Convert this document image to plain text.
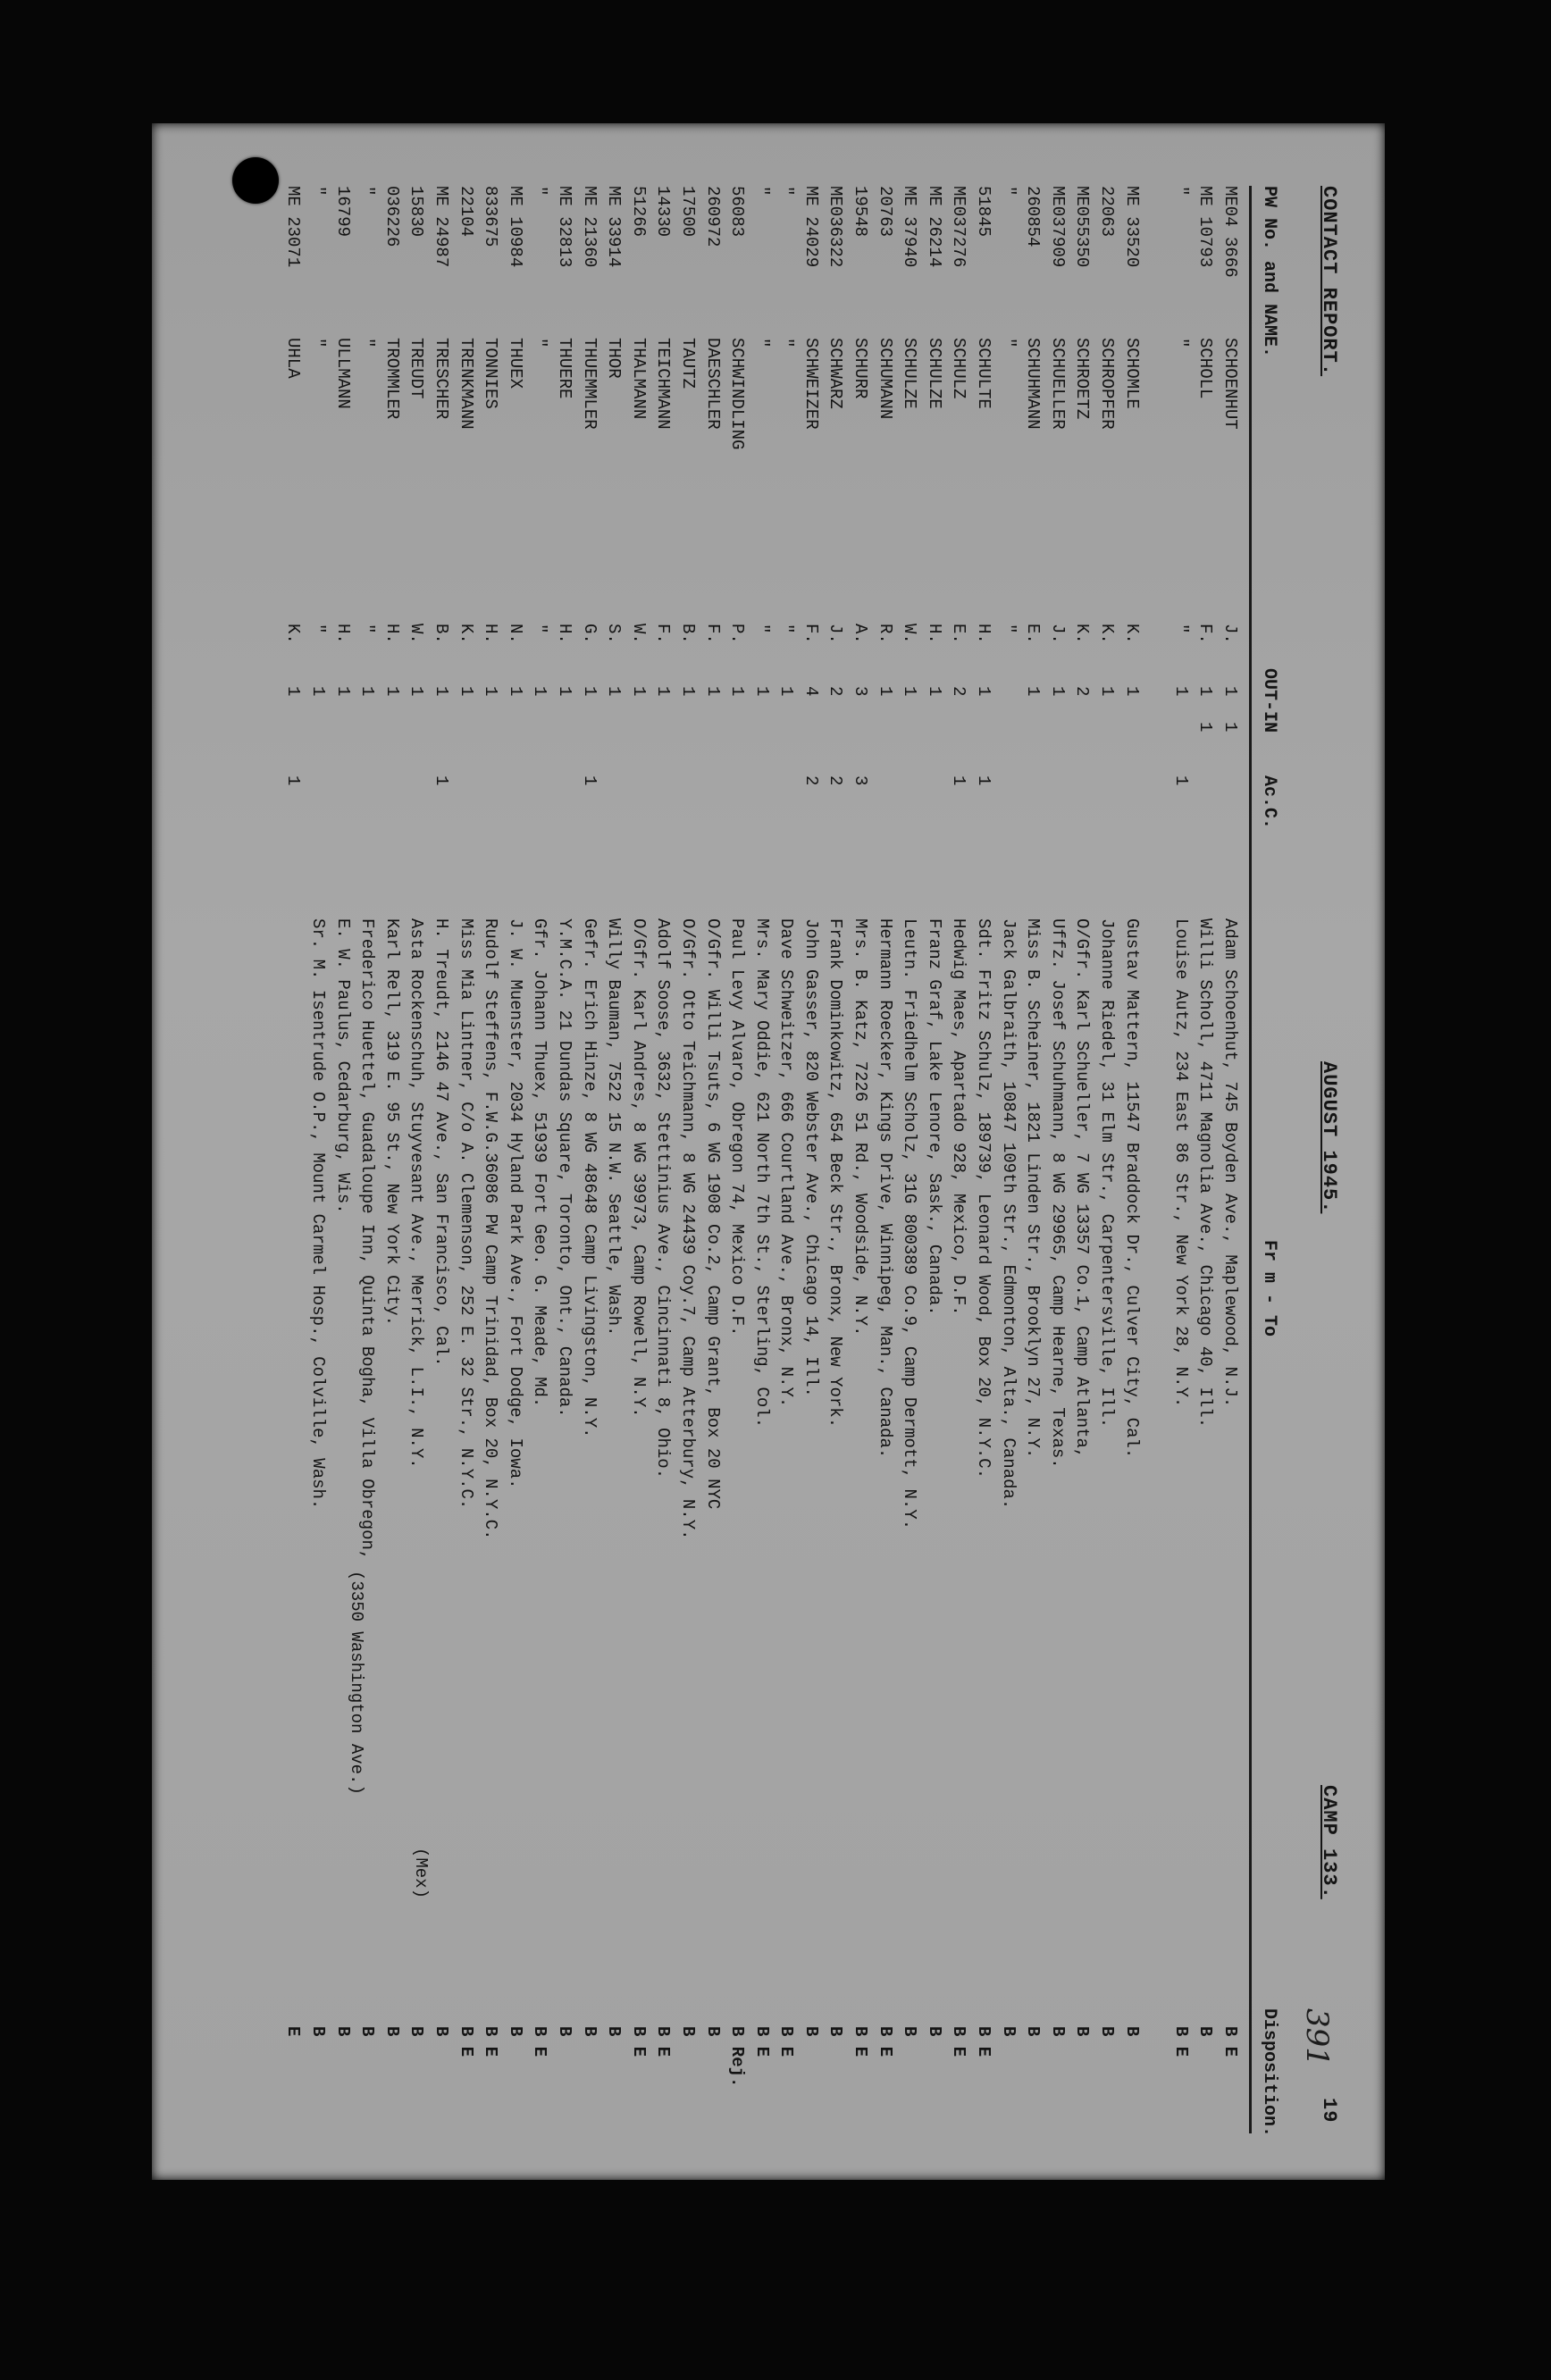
CONTACT REPORT.
AUGUST 1945.
CAMP 133.
19
391
PW No. and NAME.
OUT-IN
Ac.C.
Fr m - To
Disposition.
ME04 3666
SCHOENHUT
J.
1
1
Adam Schoenhut, 745 Boyden Ave., Maplewood, N.J.
B E
ME 10793
SCHOLL
F.
1
1
Willi Scholl, 4711 Magnolia Ave., Chicago 40, Ill.
B
"
"
"
1
1
Louise Autz, 234 East 86 Str., New York 28, N.Y.
B E
ME 33520
SCHOMLE
K.
1
Gustav Mattern, 11547 Braddock Dr., Culver City, Cal.
B
22063
SCHROPFER
K.
1
Johanne Riedel, 31 Elm Str., Carpentersville, Ill.
B
ME055350
SCHROETZ
K.
2
O/Gfr. Karl Schueller, 7 WG 13357 Co.1, Camp Atlanta,
B
ME037909
SCHUELLER
J.
1
Uffz. Josef Schuhmann, 8 WG 29965, Camp Hearne, Texas.
B
260854
SCHUHMANN
E.
1
Miss B. Scheiner, 1821 Linden Str., Brooklyn 27, N.Y.
B
"
"
"
Jack Galbraith, 10847 109th Str., Edmonton, Alta., Canada.
B
51845
SCHULTE
H.
1
1
Sdt. Fritz Schulz, 189739, Leonard Wood, Box 20, N.Y.C.
B E
ME037276
SCHULZ
E.
2
1
Hedwig Maes, Apartado 928, Mexico, D.F.
B E
ME 26214
SCHULZE
H.
1
Franz Graf, Lake Lenore, Sask., Canada.
B
ME 37940
SCHULZE
W.
1
Leutn. Friedhelm Scholz, 31G 800389 Co.9, Camp Dermott, N.Y.
B
20763
SCHUMANN
R.
1
Hermann Roecker, Kings Drive, Winnipeg, Man., Canada.
B E
19548
SCHURR
A.
3
3
Mrs. B. Katz, 7226 51 Rd., Woodside, N.Y.
B E
ME036322
SCHWARZ
J.
2
2
Frank Dominkowitz, 654 Beck Str., Bronx, New York.
B
ME 24029
SCHWEIZER
F.
4
2
John Gasser, 820 Webster Ave., Chicago 14, Ill.
B
"
"
"
1
Dave Schweitzer, 666 Courtland Ave., Bronx, N.Y.
B E
"
"
"
1
Mrs. Mary Oddie, 621 North 7th St., Sterling, Col.
B E
56083
SCHWINDLING
P.
1
Paul Levy Alvaro, Obregon 74, Mexico D.F.
B Rej.
260972
DAESCHLER
F.
1
O/Gfr. Willi Tsuts, 6 WG 1908 Co.2, Camp Grant, Box 20 NYC
B
17500
TAUTZ
B.
1
O/Gfr. Otto Teichmann, 8 WG 24439 Coy.7, Camp Atterbury, N.Y.
B
14330
TEICHMANN
F.
1
Adolf Soose, 3632, Stettinius Ave., Cincinnati 8, Ohio.
B E
51266
THALMANN
W.
1
O/Gfr. Karl Andres, 8 WG 39973, Camp Rowell, N.Y.
B E
ME 33914
THOR
S.
1
Willy Bauman, 7522 15 N.W. Seattle, Wash.
B
ME 21360
THUEMMLER
G.
1
1
Gefr. Erich Hinze, 8 WG 48648 Camp Livingston, N.Y.
B
ME 32813
THUERE
H.
1
Y.M.C.A. 21 Dundas Square, Toronto, Ont., Canada.
B
"
"
"
1
Gfr. Johann Thuex, 51939 Fort Geo. G. Meade, Md.
B E
ME 10984
THUEX
N.
1
J. W. Muenster, 2034 Hyland Park Ave., Fort Dodge, Iowa.
B
833675
TONNIES
H.
1
Rudolf Steffens, F.W.G.36086 PW Camp Trinidad, Box 20, N.Y.C.
B E
22104
TRENKMANN
K.
1
Miss Mia Lintner, C/o A. Clemenson, 252 E. 32 Str., N.Y.C.
B E
ME 24987
TRESCHER
B.
1
1
H. Treudt, 2146 47 Ave., San Francisco, Cal.
B
15830
TREUDT
W.
1
Asta Rockenschuh, Stuyvesant Ave., Merrick, L.I., N.Y.
B
036226
TROMMLER
H.
1
Karl Rell, 319 E. 95 St., New York City.
B
"
"
"
1
Frederico Huettel, Guadaloupe Inn, Quinta Bogha, Villa Obregon,
B
16799
ULLMANN
H.
1
E. W. Paulus, Cedarburg, Wis.
B
"
"
"
1
Sr. M. Isentrude O.P., Mount Carmel Hosp., Colville, Wash.
B
ME 23071
UHLA
K.
1
1
E
(Mex)
(3350 Washington Ave.)
